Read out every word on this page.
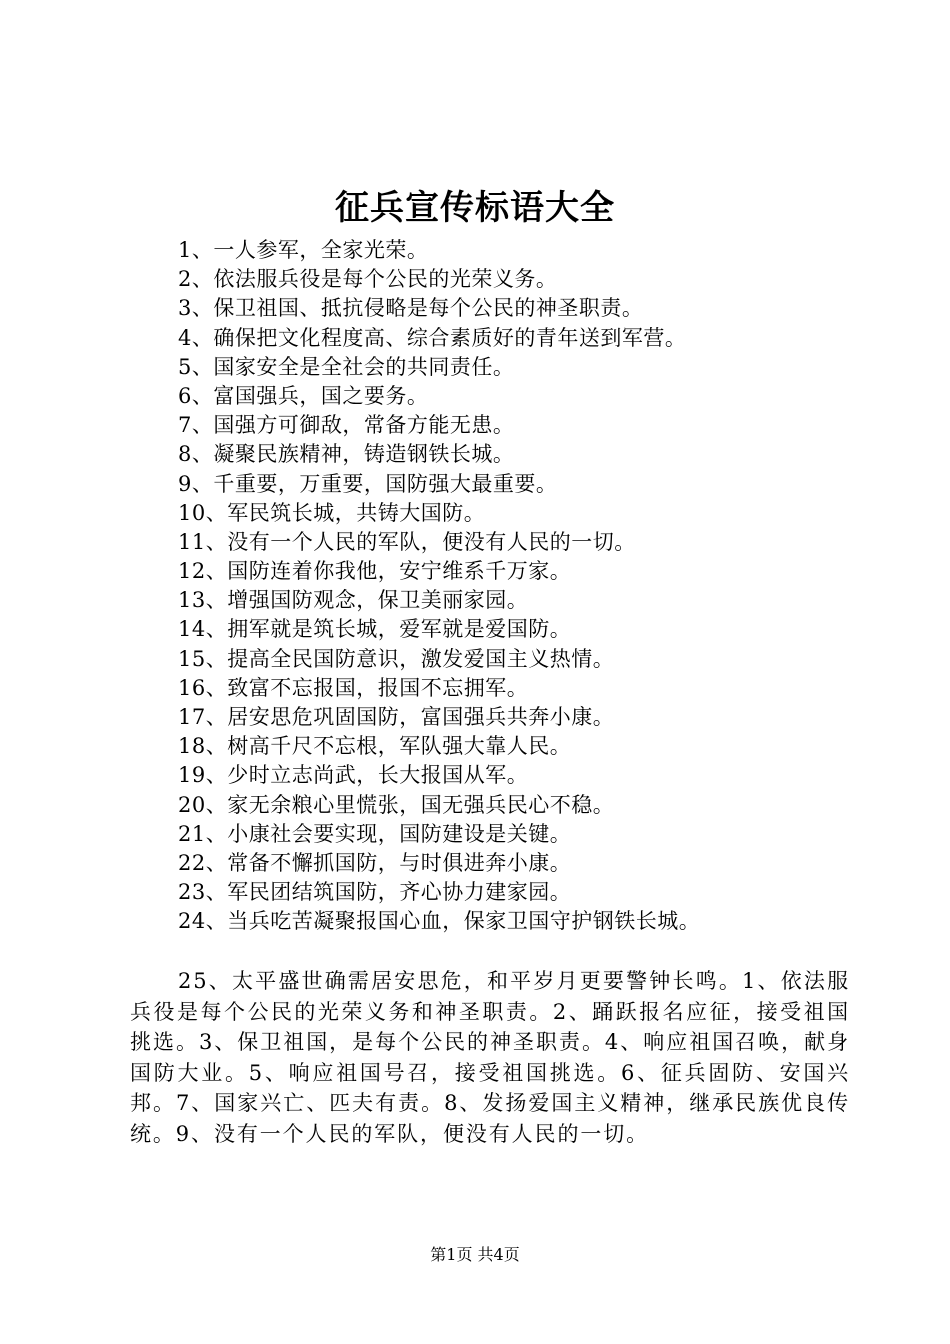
征兵宣传标语大全
1、一人参军，全家光荣。
2、依法服兵役是每个公民的光荣义务。
3、保卫祖国、抵抗侵略是每个公民的神圣职责。
4、确保把文化程度高、综合素质好的青年送到军营。
5、国家安全是全社会的共同责任。
6、富国强兵，国之要务。
7、国强方可御敌，常备方能无患。
8、凝聚民族精神，铸造钢铁长城。
9、千重要，万重要，国防强大最重要。
10、军民筑长城，共铸大国防。
11、没有一个人民的军队，便没有人民的一切。
12、国防连着你我他，安宁维系千万家。
13、增强国防观念，保卫美丽家园。
14、拥军就是筑长城，爱军就是爱国防。
15、提高全民国防意识，激发爱国主义热情。
16、致富不忘报国，报国不忘拥军。
17、居安思危巩固国防，富国强兵共奔小康。
18、树高千尺不忘根，军队强大靠人民。
19、少时立志尚武，长大报国从军。
20、家无余粮心里慌张，国无强兵民心不稳。
21、小康社会要实现，国防建设是关键。
22、常备不懈抓国防，与时俱进奔小康。
23、军民团结筑国防，齐心协力建家园。
24、当兵吃苦凝聚报国心血，保家卫国守护钢铁长城。

25、太平盛世确需居安思危，和平岁月更要警钟长鸣。1、依法服兵役是每个公民的光荣义务和神圣职责。2、踊跃报名应征，接受祖国挑选。3、保卫祖国，是每个公民的神圣职责。4、响应祖国召唤，献身国防大业。5、响应祖国号召，接受祖国挑选。6、征兵固防、安国兴邦。7、国家兴亡、匹夫有责。8、发扬爱国主义精神，继承民族优良传统。9、没有一个人民的军队，便没有人民的一切。

第1页 共4页
